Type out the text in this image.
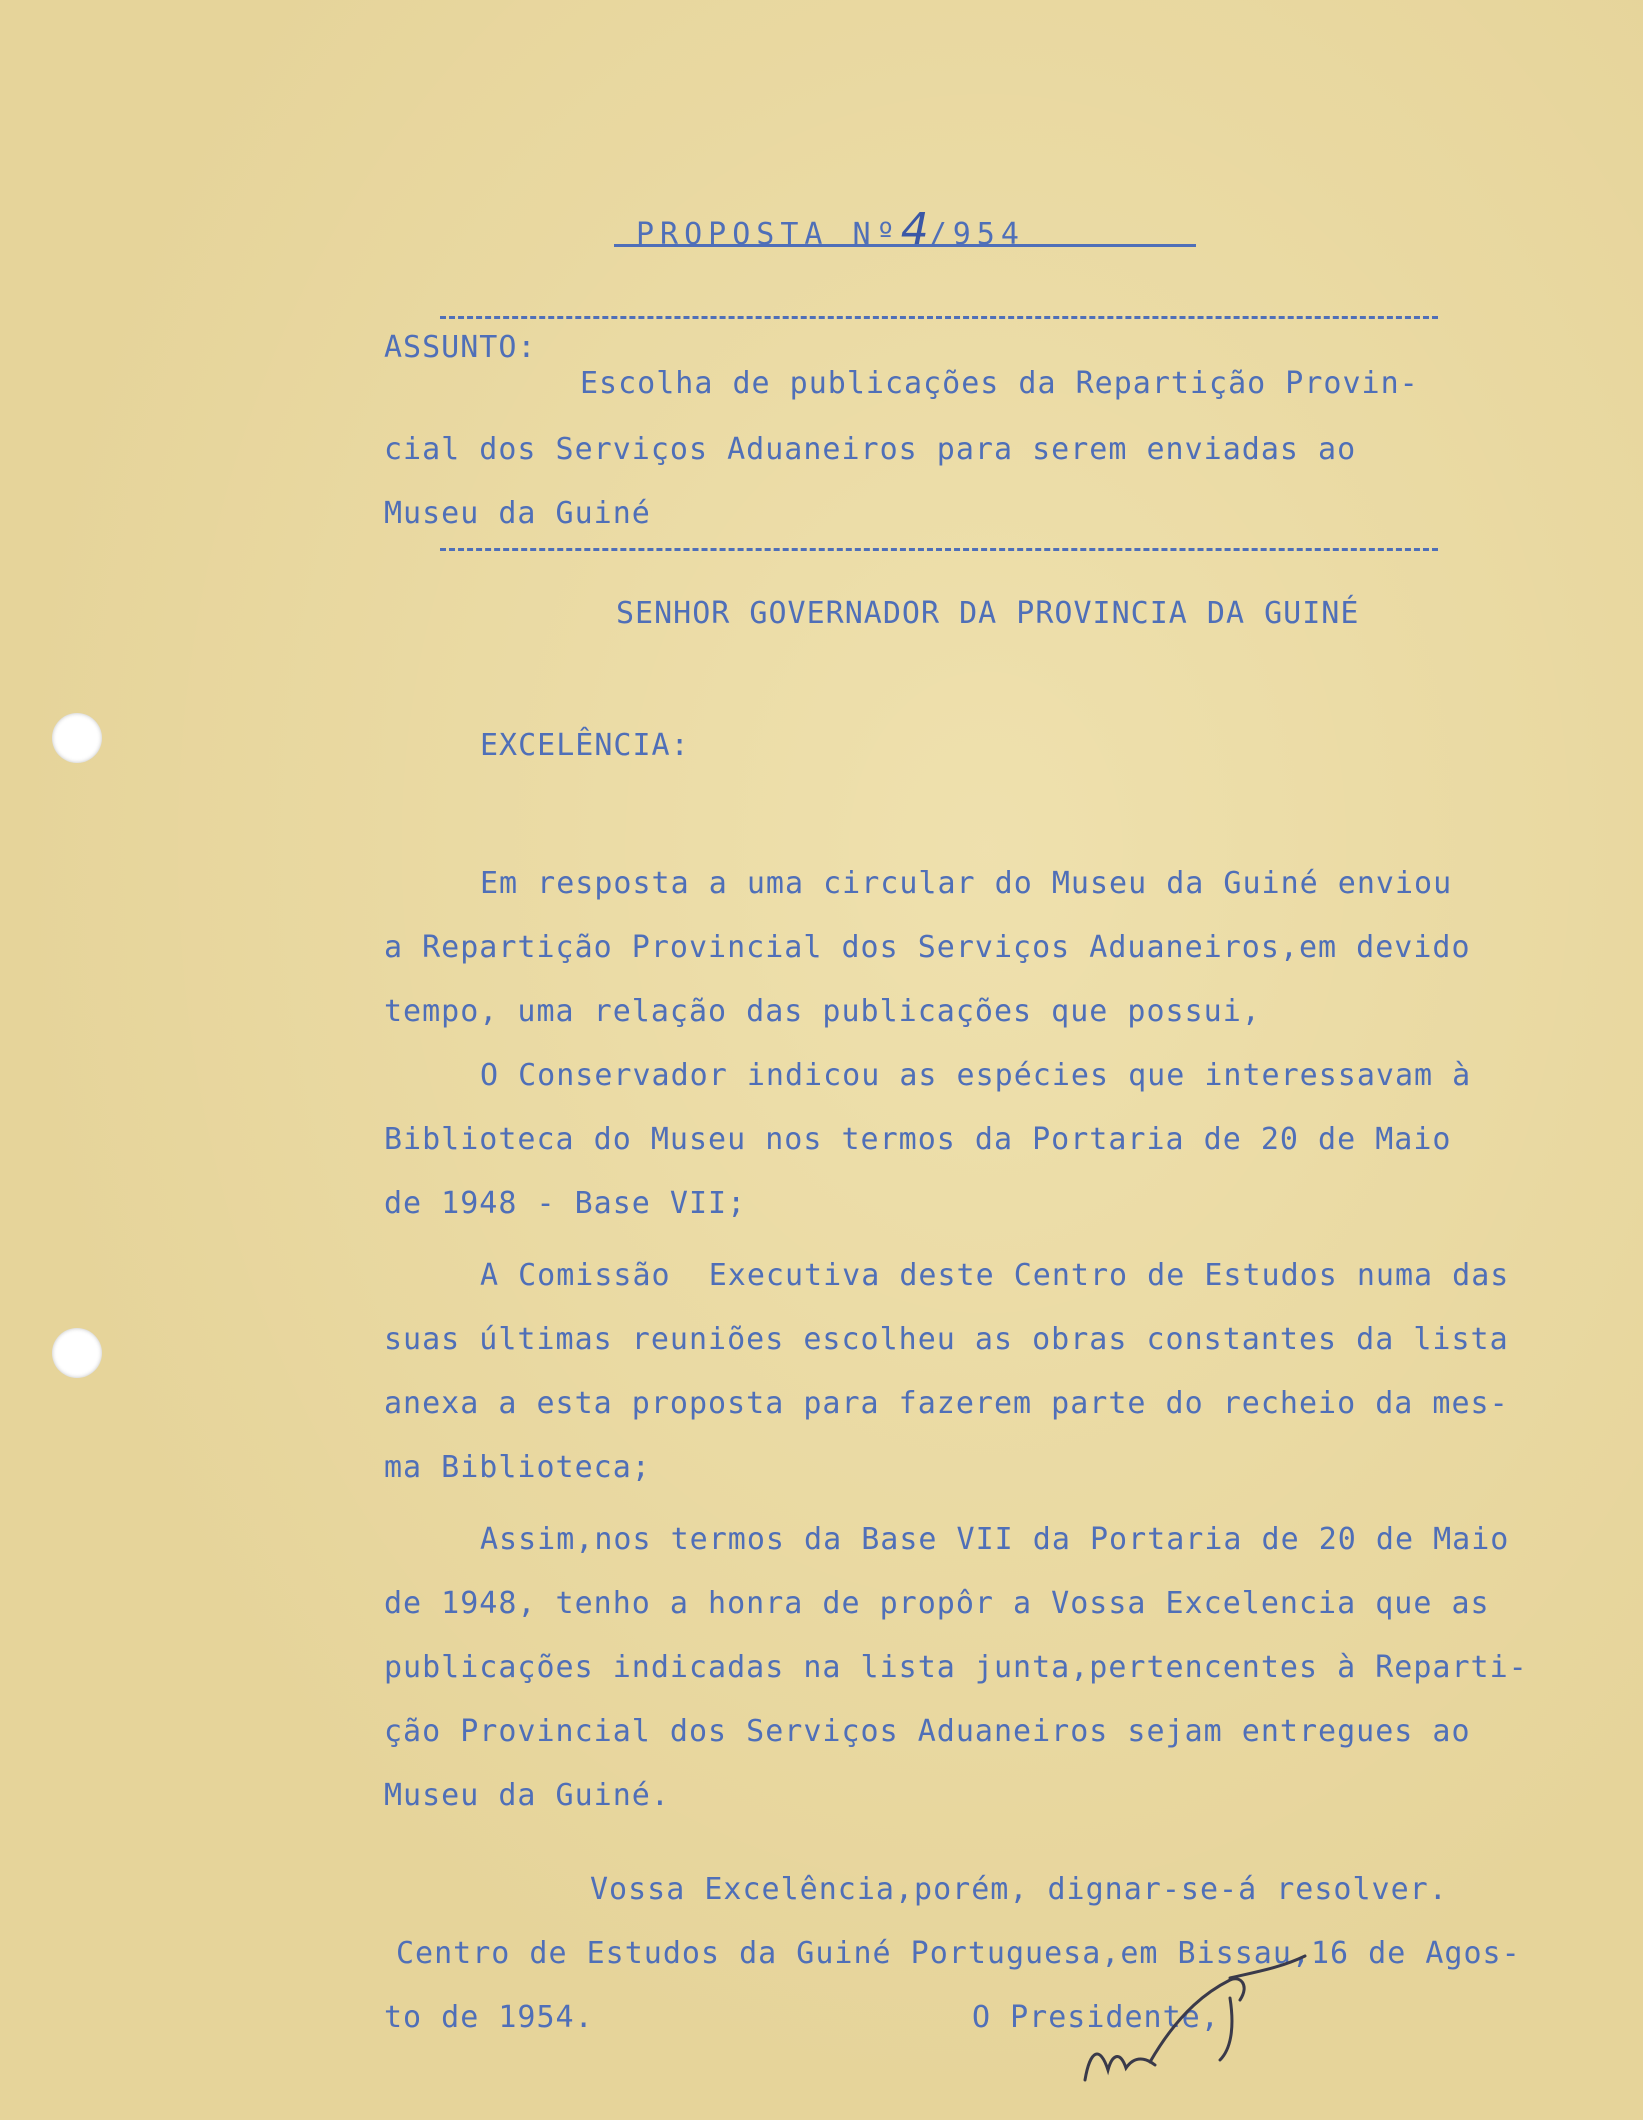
PROPOSTA Nº4/954
ASSUNTO:
Escolha de publicações da Repartição Provin-
cial dos Serviços Aduaneiros para serem enviadas ao
Museu da Guiné
SENHOR GOVERNADOR DA PROVINCIA DA GUINÉ
EXCELÊNCIA:
Em resposta a uma circular do Museu da Guiné enviou
a Repartição Provincial dos Serviços Aduaneiros,em devido
tempo, uma relação das publicações que possui,
O Conservador indicou as espécies que interessavam à
Biblioteca do Museu nos termos da Portaria de 20 de Maio
de 1948 - Base VII;
A Comissão  Executiva deste Centro de Estudos numa das
suas últimas reuniões escolheu as obras constantes da lista
anexa a esta proposta para fazerem parte do recheio da mes-
ma Biblioteca;
Assim,nos termos da Base VII da Portaria de 20 de Maio
de 1948, tenho a honra de propôr a Vossa Excelencia que as
publicações indicadas na lista junta,pertencentes à Reparti-
ção Provincial dos Serviços Aduaneiros sejam entregues ao
Museu da Guiné.
Vossa Excelência,porém, dignar-se-á resolver.
Centro de Estudos da Guiné Portuguesa,em Bissau,16 de Agos-
to de 1954.	O Presidente,
